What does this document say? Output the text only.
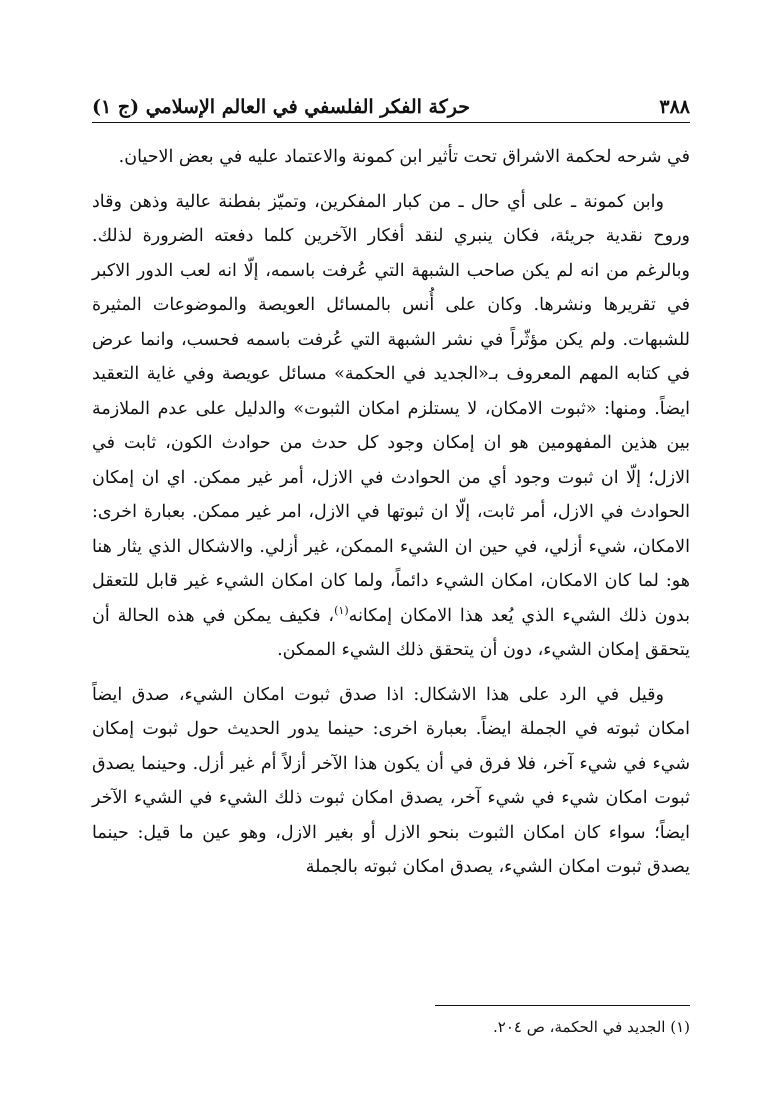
٣٨٨
حركة الفكر الفلسفي في العالم الإسلامي (ج ١)

في شرحه لحكمة الاشراق تحت تأثير ابن كمونة والاعتماد عليه في بعض الاحيان.

وابن كمونة ـ على أي حال ـ من كبار المفكرين، وتميّز بفطنة عالية وذهن وقاد وروح نقدية جريئة، فكان ينبري لنقد أفكار الآخرين كلما دفعته الضرورة لذلك. وبالرغم من انه لم يكن صاحب الشبهة التي عُرفت باسمه، إلّا انه لعب الدور الاكبر في تقريرها ونشرها. وكان على أُنس بالمسائل العويصة والموضوعات المثيرة للشبهات. ولم يكن مؤثّراً في نشر الشبهة التي عُرفت باسمه فحسب، وانما عرض في كتابه المهم المعروف بـ«الجديد في الحكمة» مسائل عويصة وفي غاية التعقيد ايضاً. ومنها: «ثبوت الامكان، لا يستلزم امكان الثبوت» والدليل على عدم الملازمة بين هذين المفهومين هو ان إمكان وجود كل حدث من حوادث الكون، ثابت في الازل؛ إلّا ان ثبوت وجود أي من الحوادث في الازل، أمر غير ممكن. اي ان إمكان الحوادث في الازل، أمر ثابت، إلّا ان ثبوتها في الازل، امر غير ممكن. بعبارة اخرى: الامكان، شيء أزلي، في حين ان الشيء الممكن، غير أزلي. والاشكال الذي يثار هنا هو: لما كان الامكان، امكان الشيء دائماً، ولما كان امكان الشيء غير قابل للتعقل بدون ذلك الشيء الذي يُعد هذا الامكان إمكانه$^{(١)}$، فكيف يمكن في هذه الحالة أن يتحقق إمكان الشيء، دون أن يتحقق ذلك الشيء الممكن.

وقيل في الرد على هذا الاشكال: اذا صدق ثبوت امكان الشيء، صدق ايضاً امكان ثبوته في الجملة ايضاً. بعبارة اخرى: حينما يدور الحديث حول ثبوت إمكان شيء في شيء آخر، فلا فرق في أن يكون هذا الآخر أزلاً أم غير أزل. وحينما يصدق ثبوت امكان شيء في شيء آخر، يصدق امكان ثبوت ذلك الشيء في الشيء الآخر ايضاً؛ سواء كان امكان الثبوت بنحو الازل أو بغير الازل، وهو عين ما قيل: حينما يصدق ثبوت امكان الشيء، يصدق امكان ثبوته بالجملة

(١) الجديد في الحكمة، ص ٢٠٤.
